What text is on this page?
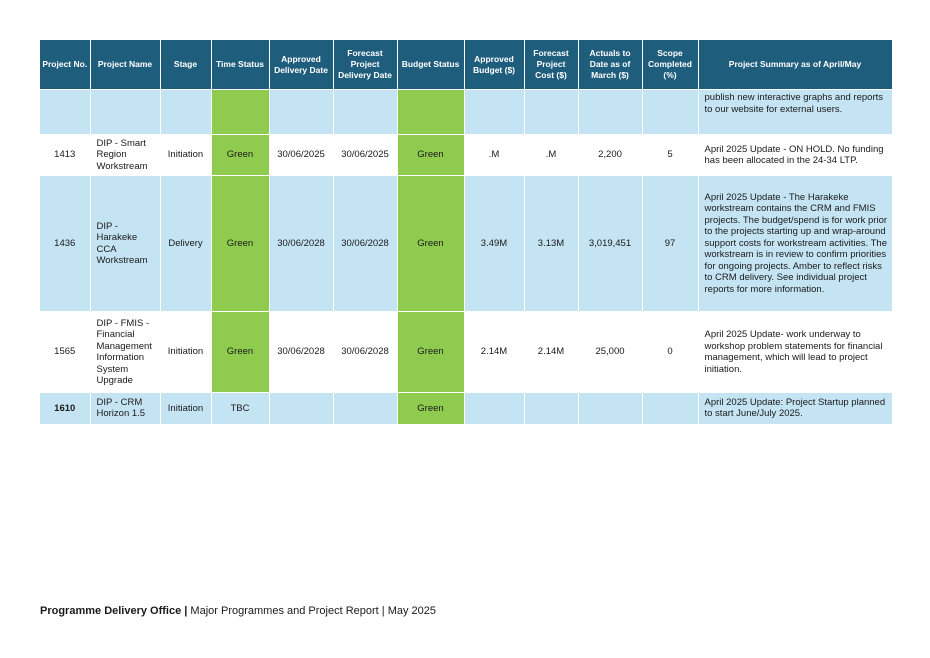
Project No.	Project Name	Stage	Time Status	Approved Delivery Date	Forecast Project Delivery Date	Budget Status	Approved Budget ($)	Forecast Project Cost ($)	Actuals to Date as of March ($)	Scope Completed (%)	Project Summary as of April/May
											publish new interactive graphs and reports to our website for external users.
1413	DIP - Smart Region Workstream	Initiation	Green	30/06/2025	30/06/2025	Green	.M	.M	2,200	5	April 2025 Update - ON HOLD. No funding has been allocated in the 24-34 LTP.
1436	DIP - Harakeke CCA Workstream	Delivery	Green	30/06/2028	30/06/2028	Green	3.49M	3.13M	3,019,451	97	April 2025 Update - The Harakeke workstream contains the CRM and FMIS projects. The budget/spend is for work prior to the projects starting up and wrap-around support costs for workstream activities. The workstream is in review to confirm priorities for ongoing projects. Amber to reflect risks to CRM delivery. See individual project reports for more information.
1565	DIP - FMIS - Financial Management Information System Upgrade	Initiation	Green	30/06/2028	30/06/2028	Green	2.14M	2.14M	25,000	0	April 2025 Update- work underway to workshop problem statements for financial management, which will lead to project initiation.
1610	DIP - CRM Horizon 1.5	Initiation	TBC			Green					April 2025 Update: Project Startup planned to start June/July 2025.
Programme Delivery Office | Major Programmes and Project Report | May 2025
